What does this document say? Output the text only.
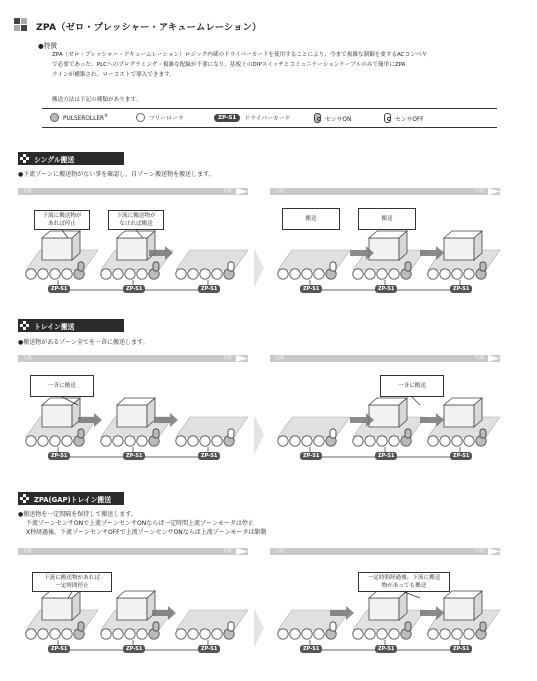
ZPA（ゼロ・プレッシャー・アキュームレーション）
●特徴
ZPA（ゼロ・プレッシャー・アキュームレーション）ロジック内蔵のドライバーカードを使用することにより、今まで複雑な制御を要するACコンベヤ
で必要であった、PLCへのプログラミング・複雑な配線が不要になり、基板上のDIPスイッチとコミュニケーションケーブルのみで簡単にZPA
ラインが構築され、ローコストで導入できます。
搬送方法は下記の種類があります。
PULSEROLLER®
フリーローラ	ZP-S1	ドライバーカード	センサON	センサOFF
シングル搬送
●下流ゾーンに搬送物がない事を確認し、自ゾーン搬送物を搬送します。
トレイン搬送
●搬送物があるゾーン全てを一斉に搬送します。
ZPA(GAP)トレイン搬送
●搬送物を一定間隔を保持して搬送します。
下流ゾーンセンサONで上流ゾーンセンサONならば一定時間上流ゾーンモータは停止
X秒経過後、下流ゾーンセンサOFFで上流ゾーンセンサONならば上流ゾーンモータは駆動
上流	下流
ZP-S1	ZP-S1	ZP-S1
下流に搬送物が
あれば停止
下流に搬送物が
なければ搬送
上流	下流
ZP-S1	ZP-S1	ZP-S1
搬送	搬送
上流	下流
ZP-S1	ZP-S1	ZP-S1
一斉に搬送
上流	下流
ZP-S1	ZP-S1	ZP-S1
一斉に搬送
上流	下流
ZP-S1	ZP-S1	ZP-S1
下流に搬送物があれば
一定時間停止
上流	下流
ZP-S1	ZP-S1	ZP-S1
一定時間経過後、下流に搬送
物があっても搬送
